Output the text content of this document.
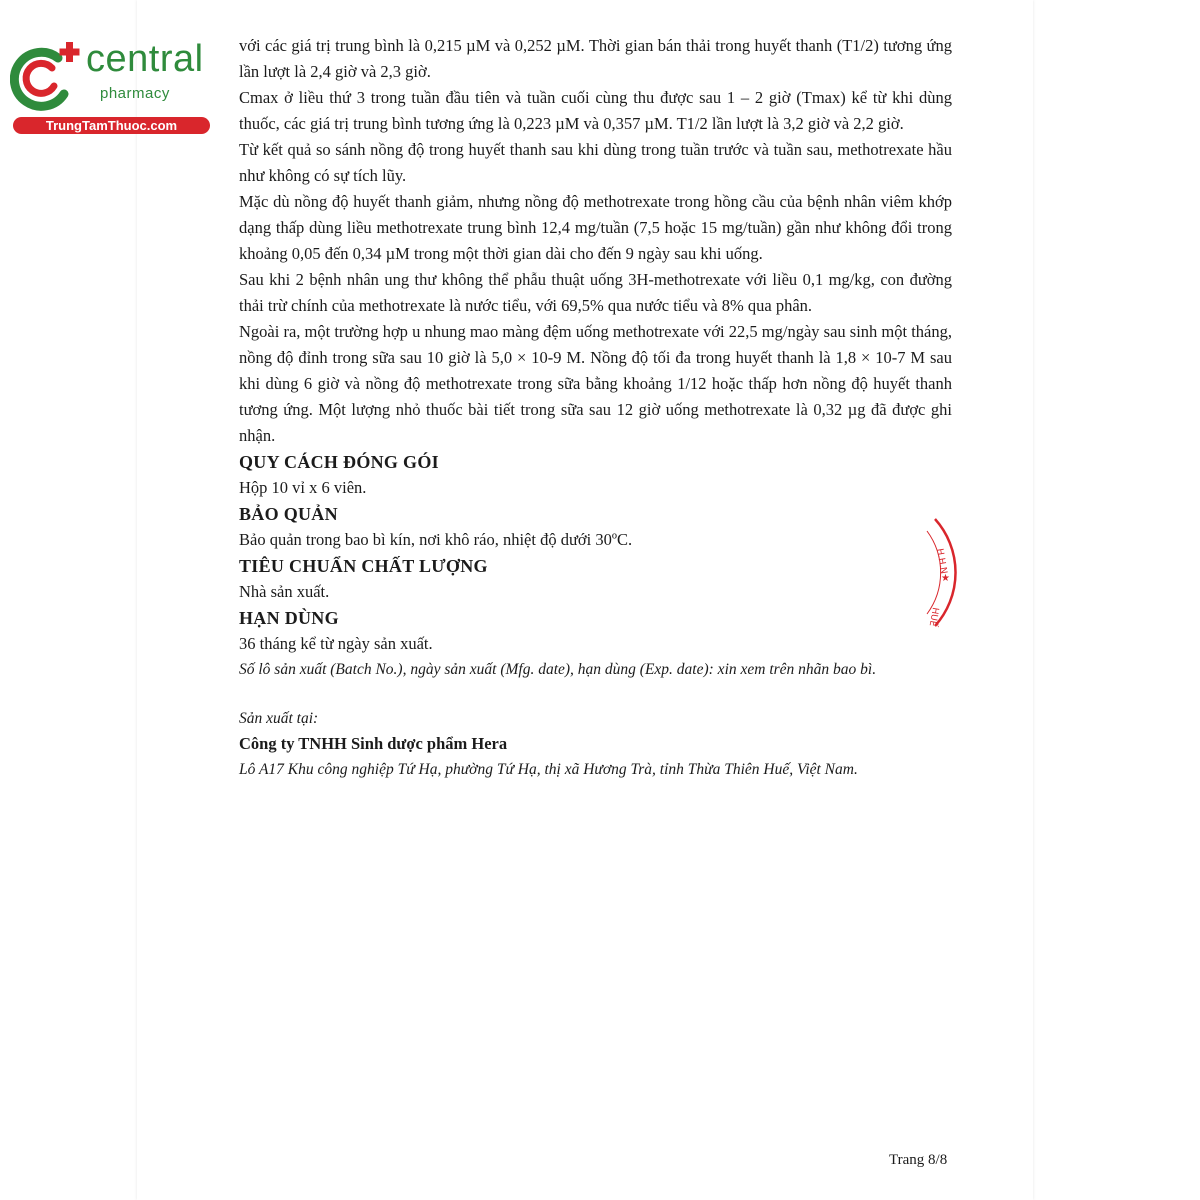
central
pharmacy
TrungTamThuoc.com

với các giá trị trung bình là 0,215 µM và 0,252 µM. Thời gian bán thải trong huyết thanh (T1/2) tương ứng lần lượt là 2,4 giờ và 2,3 giờ.

Cmax ở liều thứ 3 trong tuần đầu tiên và tuần cuối cùng thu được sau 1 – 2 giờ (Tmax) kể từ khi dùng thuốc, các giá trị trung bình tương ứng là 0,223 µM và 0,357 µM. T1/2 lần lượt là 3,2 giờ và 2,2 giờ.

Từ kết quả so sánh nồng độ trong huyết thanh sau khi dùng trong tuần trước và tuần sau, methotrexate hầu như không có sự tích lũy.

Mặc dù nồng độ huyết thanh giảm, nhưng nồng độ methotrexate trong hồng cầu của bệnh nhân viêm khớp dạng thấp dùng liều methotrexate trung bình 12,4 mg/tuần (7,5 hoặc 15 mg/tuần) gần như không đổi trong khoảng 0,05 đến 0,34 µM trong một thời gian dài cho đến 9 ngày sau khi uống.

Sau khi 2 bệnh nhân ung thư không thể phẫu thuật uống 3H-methotrexate với liều 0,1 mg/kg, con đường thải trừ chính của methotrexate là nước tiểu, với 69,5% qua nước tiểu và 8% qua phân.

Ngoài ra, một trường hợp u nhung mao màng đệm uống methotrexate với 22,5 mg/ngày sau sinh một tháng, nồng độ đỉnh trong sữa sau 10 giờ là 5,0 × 10-9 M. Nồng độ tối đa trong huyết thanh là 1,8 × 10-7 M sau khi dùng 6 giờ và nồng độ methotrexate trong sữa bằng khoảng 1/12 hoặc thấp hơn nồng độ huyết thanh tương ứng. Một lượng nhỏ thuốc bài tiết trong sữa sau 12 giờ uống methotrexate là 0,32 µg đã được ghi nhận.

QUY CÁCH ĐÓNG GÓI

Hộp 10 vỉ x 6 viên.

BẢO QUẢN

Bảo quản trong bao bì kín, nơi khô ráo, nhiệt độ dưới 30ºC.

TIÊU CHUẨN CHẤT LƯỢNG

Nhà sản xuất.

HẠN DÙNG

36 tháng kể từ ngày sản xuất.

Số lô sản xuất (Batch No.), ngày sản xuất (Mfg. date), hạn dùng (Exp. date): xin xem trên nhãn bao bì.

Sản xuất tại:

Công ty TNHH Sinh dược phẩm Hera

Lô A17 Khu công nghiệp Tứ Hạ, phường Tứ Hạ, thị xã Hương Trà, tỉnh Thừa Thiên Huế, Việt Nam.

H.H.N
★
HUẾ
Trang 8/8
